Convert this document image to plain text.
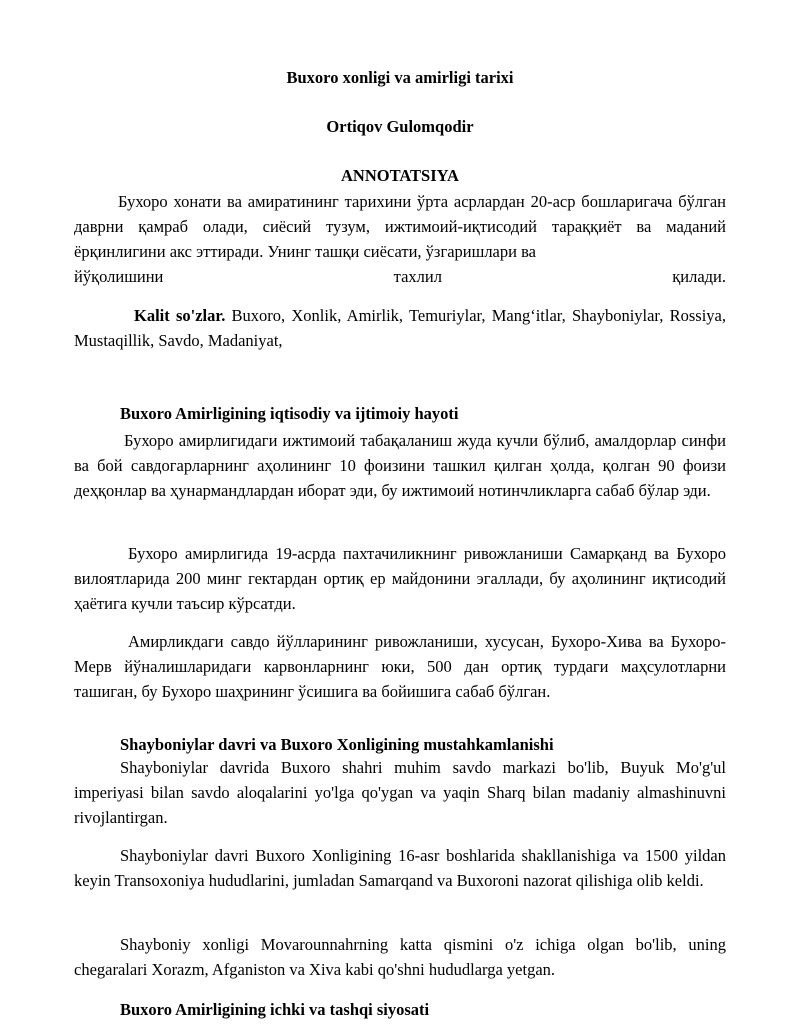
Buxoro xonligi va amirligi tarixi
Ortiqov Gulomqodir
ANNOTATSIYA

Бухоро хонати ва амиратининг тарихини ўрта асрлардан 20-аср бошларигача бўлган даврни қамраб олади, сиёсий тузум, ижтимоий-иқтисодий тараққиёт ва маданий ёрқинлигини акс эттиради. Унинг ташқи сиёсати, ўзгаришлари ва

йўқолишини тахлил қилади.

Kalit so'zlar. Buxoro, Xonlik, Amirlik, Temuriylar, Mang‘itlar, Shayboniylar, Rossiya, Mustaqillik, Savdo, Madaniyat,

Buxoro Amirligining iqtisodiy va ijtimoiy hayoti

Бухоро амирлигидаги ижтимоий табақаланиш жуда кучли бўлиб, амалдорлар синфи ва бой савдогарларнинг аҳолининг 10 фоизини ташкил қилган ҳолда, қолган 90 фоизи деҳқонлар ва ҳунармандлардан иборат эди, бу ижтимоий нотинчликларга сабаб бўлар эди.

Бухоро амирлигида 19-асрда пахтачиликнинг ривожланиши Самарқанд ва Бухоро вилоятларида 200 минг гектардан ортиқ ер майдонини эгаллади, бу аҳолининг иқтисодий ҳаётига кучли таъсир кўрсатди.

Амирликдаги савдо йўлларининг ривожланиши, хусусан, Бухоро-Хива ва Бухоро-Мерв йўналишларидаги карвонларнинг юки, 500 дан ортиқ турдаги маҳсулотларни ташиган, бу Бухоро шаҳрининг ўсишига ва бойишига сабаб бўлган.

Shayboniylar davri va Buxoro Xonligining mustahkamlanishi

Shayboniylar davrida Buxoro shahri muhim savdo markazi bo'lib, Buyuk Mo'g'ul imperiyasi bilan savdo aloqalarini yo'lga qo'ygan va yaqin Sharq bilan madaniy almashinuvni rivojlantirgan.

Shayboniylar davri Buxoro Xonligining 16-asr boshlarida shakllanishiga va 1500 yildan keyin Transoxoniya hududlarini, jumladan Samarqand va Buxoroni nazorat qilishiga olib keldi.

Shayboniy xonligi Movarounnahrning katta qismini o'z ichiga olgan bo'lib, uning chegaralari Xorazm, Afganiston va Xiva kabi qo'shni hududlarga yetgan.

Buxoro Amirligining ichki va tashqi siyosati
